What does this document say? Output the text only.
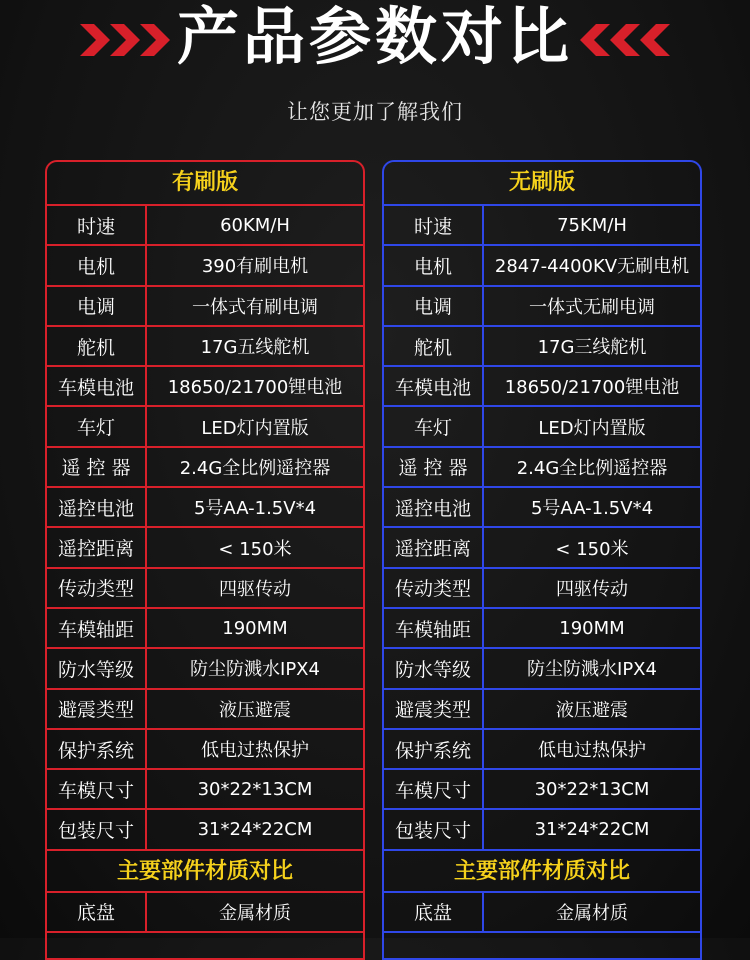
产品参数对比
让您更加了解我们
有刷版
时速	60KM/H
电机	390有刷电机
电调	一体式有刷电调
舵机	17G五线舵机
车模电池	18650/21700锂电池
车灯	LED灯内置版
遥 控 器	2.4G全比例遥控器
遥控电池	5号AA-1.5V*4
遥控距离	< 150米
传动类型	四驱传动
车模轴距	190MM
防水等级	防尘防溅水IPX4
避震类型	液压避震
保护系统	低电过热保护
车模尺寸	30*22*13CM
包装尺寸	31*24*22CM
主要部件材质对比
底盘	金属材质
无刷版
时速	75KM/H
电机	2847-4400KV无刷电机
电调	一体式无刷电调
舵机	17G三线舵机
车模电池	18650/21700锂电池
车灯	LED灯内置版
遥 控 器	2.4G全比例遥控器
遥控电池	5号AA-1.5V*4
遥控距离	< 150米
传动类型	四驱传动
车模轴距	190MM
防水等级	防尘防溅水IPX4
避震类型	液压避震
保护系统	低电过热保护
车模尺寸	30*22*13CM
包装尺寸	31*24*22CM
主要部件材质对比
底盘	金属材质
